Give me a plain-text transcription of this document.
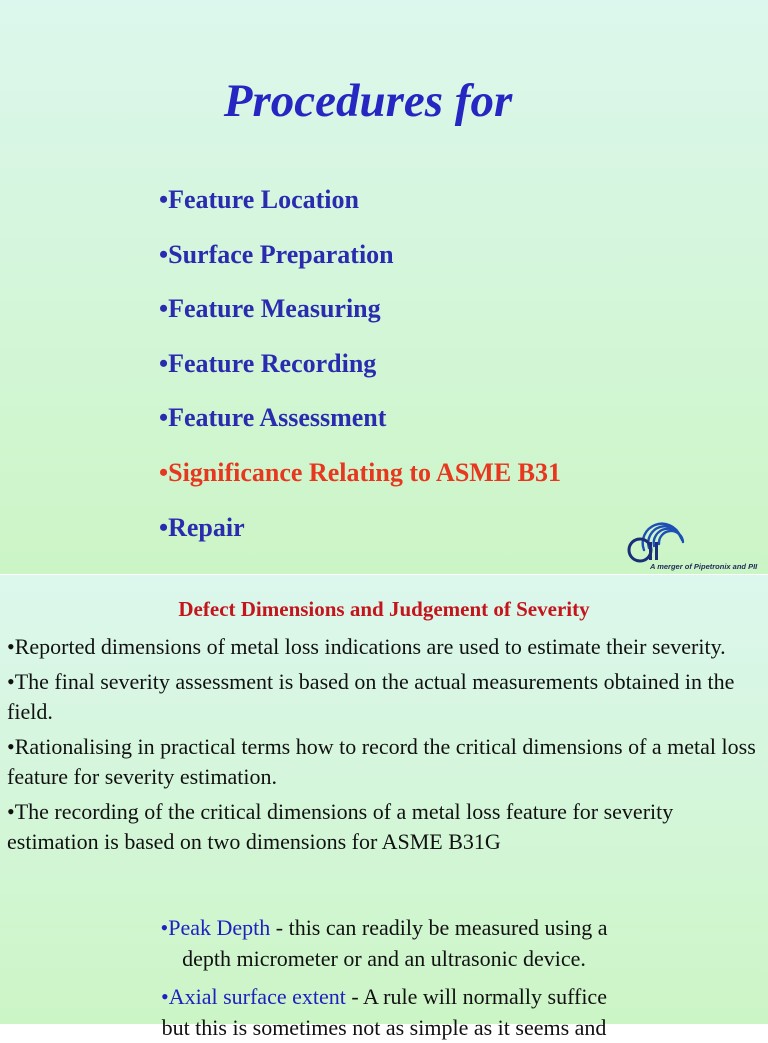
Procedures for
•Feature Location
•Surface Preparation
•Feature Measuring
•Feature Recording
•Feature Assessment
•Significance Relating to ASME B31
•Repair
A merger of Pipetronix and PII
Defect Dimensions and Judgement of Severity

•Reported dimensions of metal loss indications are used to estimate their severity.

•The final severity assessment is based on the actual measurements obtained in the field.

•Rationalising in practical terms how to record the critical dimensions of a metal loss feature for severity estimation.

•The recording of the critical dimensions of a metal loss feature for severity estimation is based on two dimensions for ASME B31G

•Peak Depth - this can readily be measured using a
depth micrometer or and an ultrasonic device.

•Axial surface extent - A rule will normally suffice
but this is sometimes not as simple as it seems and
